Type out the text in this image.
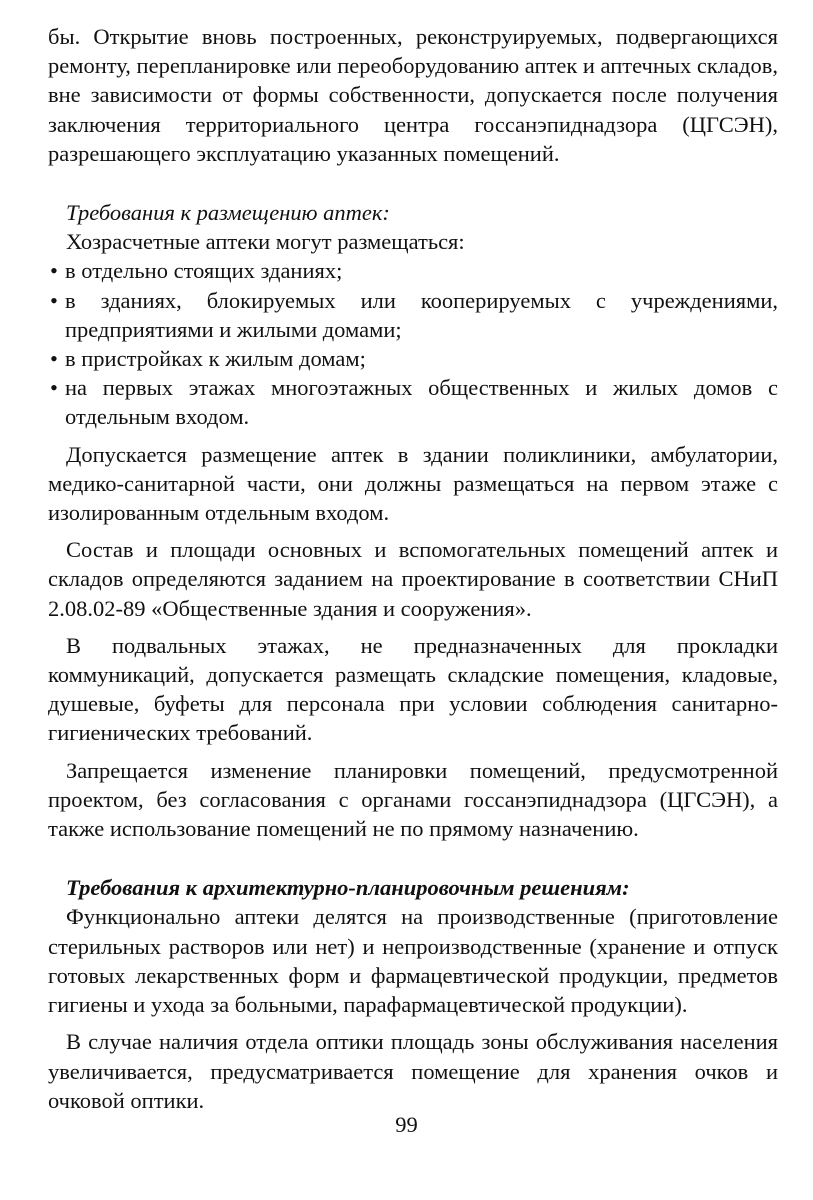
бы. Открытие вновь построенных, реконструируемых, подвергающихся ремонту, перепланировке или переоборудованию аптек и аптечных складов, вне зависимости от формы собственности, допускается после получения заключения территориального центра госсанэпиднадзора (ЦГСЭН), разрешающего эксплуатацию указанных помещений.

Требования к размещению аптек:

Хозрасчетные аптеки могут размещаться:

• в отдельно стоящих зданиях;
• в зданиях, блокируемых или кооперируемых с учреждениями, предприятиями и жилыми домами;
• в пристройках к жилым домам;
• на первых этажах многоэтажных общественных и жилых домов с отдельным входом.

Допускается размещение аптек в здании поликлиники, амбулатории, медико-санитарной части, они должны размещаться на первом этаже с изолированным отдельным входом.

Состав и площади основных и вспомогательных помещений аптек и складов определяются заданием на проектирование в соответствии СНиП 2.08.02-89 «Общественные здания и сооружения».

В подвальных этажах, не предназначенных для прокладки коммуникаций, допускается размещать складские помещения, кладовые, душевые, буфеты для персонала при условии соблюдения санитарно-гигиенических требований.

Запрещается изменение планировки помещений, предусмотренной проектом, без согласования с органами госсанэпиднадзора (ЦГСЭН), а также использование помещений не по прямому назначению.

Требования к архитектурно-планировочным решениям:

Функционально аптеки делятся на производственные (приготовление стерильных растворов или нет) и непроизводственные (хранение и отпуск готовых лекарственных форм и фармацевтической продукции, предметов гигиены и ухода за больными, парафармацевтической продукции).

В случае наличия отдела оптики площадь зоны обслуживания населения увеличивается, предусматривается помещение для хранения очков и очковой оптики.

99
